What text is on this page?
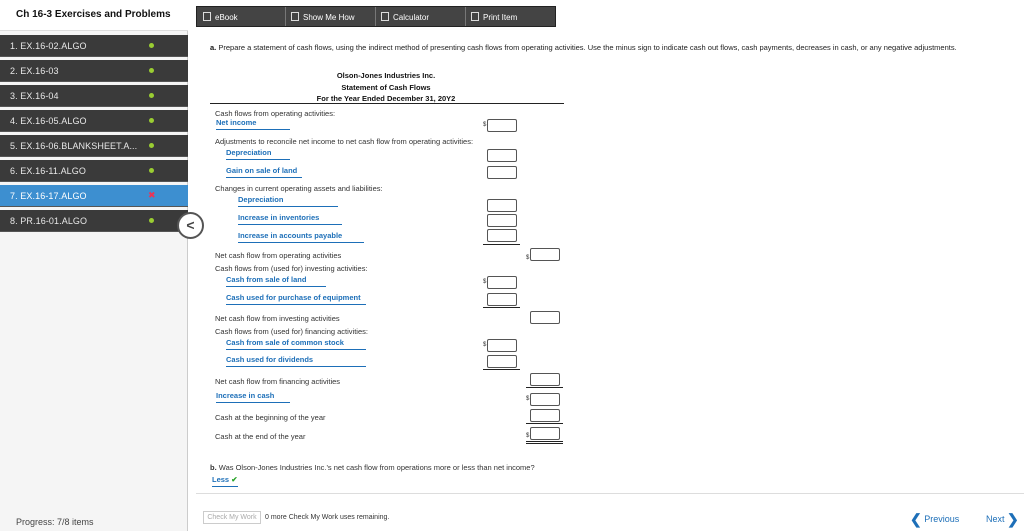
Ch 16-3 Exercises and Problems
1. EX.16-02.ALGO
2. EX.16-03
3. EX.16-04
4. EX.16-05.ALGO
5. EX.16-06.BLANKSHEET.A...
6. EX.16-11.ALGO
7. EX.16-17.ALGO	✖
8. PR.16-01.ALGO
Progress: 7/8 items
<
eBook	Show Me How	Calculator	Print Item
a. Prepare a statement of cash flows, using the indirect method of presenting cash flows from operating activities. Use the minus sign to indicate cash out flows, cash payments, decreases in cash, or any negative adjustments.
Olson-Jones Industries Inc.
Statement of Cash Flows
For the Year Ended December 31, 20Y2
Cash flows from operating activities:
Net income	$
Adjustments to reconcile net income to net cash flow from operating activities:
Depreciation
Gain on sale of land
Changes in current operating assets and liabilities:
Depreciation
Increase in inventories
Increase in accounts payable
Net cash flow from operating activities	$
Cash flows from (used for) investing activities:
Cash from sale of land	$
Cash used for purchase of equipment
Net cash flow from investing activities
Cash flows from (used for) financing activities:
Cash from sale of common stock	$
Cash used for dividends
Net cash flow from financing activities
Increase in cash	$
Cash at the beginning of the year
Cash at the end of the year	$
b. Was Olson-Jones Industries Inc.'s net cash flow from operations more or less than net income?
Less ✔
Check My Work	0 more Check My Work uses remaining.	❮ Previous	Next ❯
